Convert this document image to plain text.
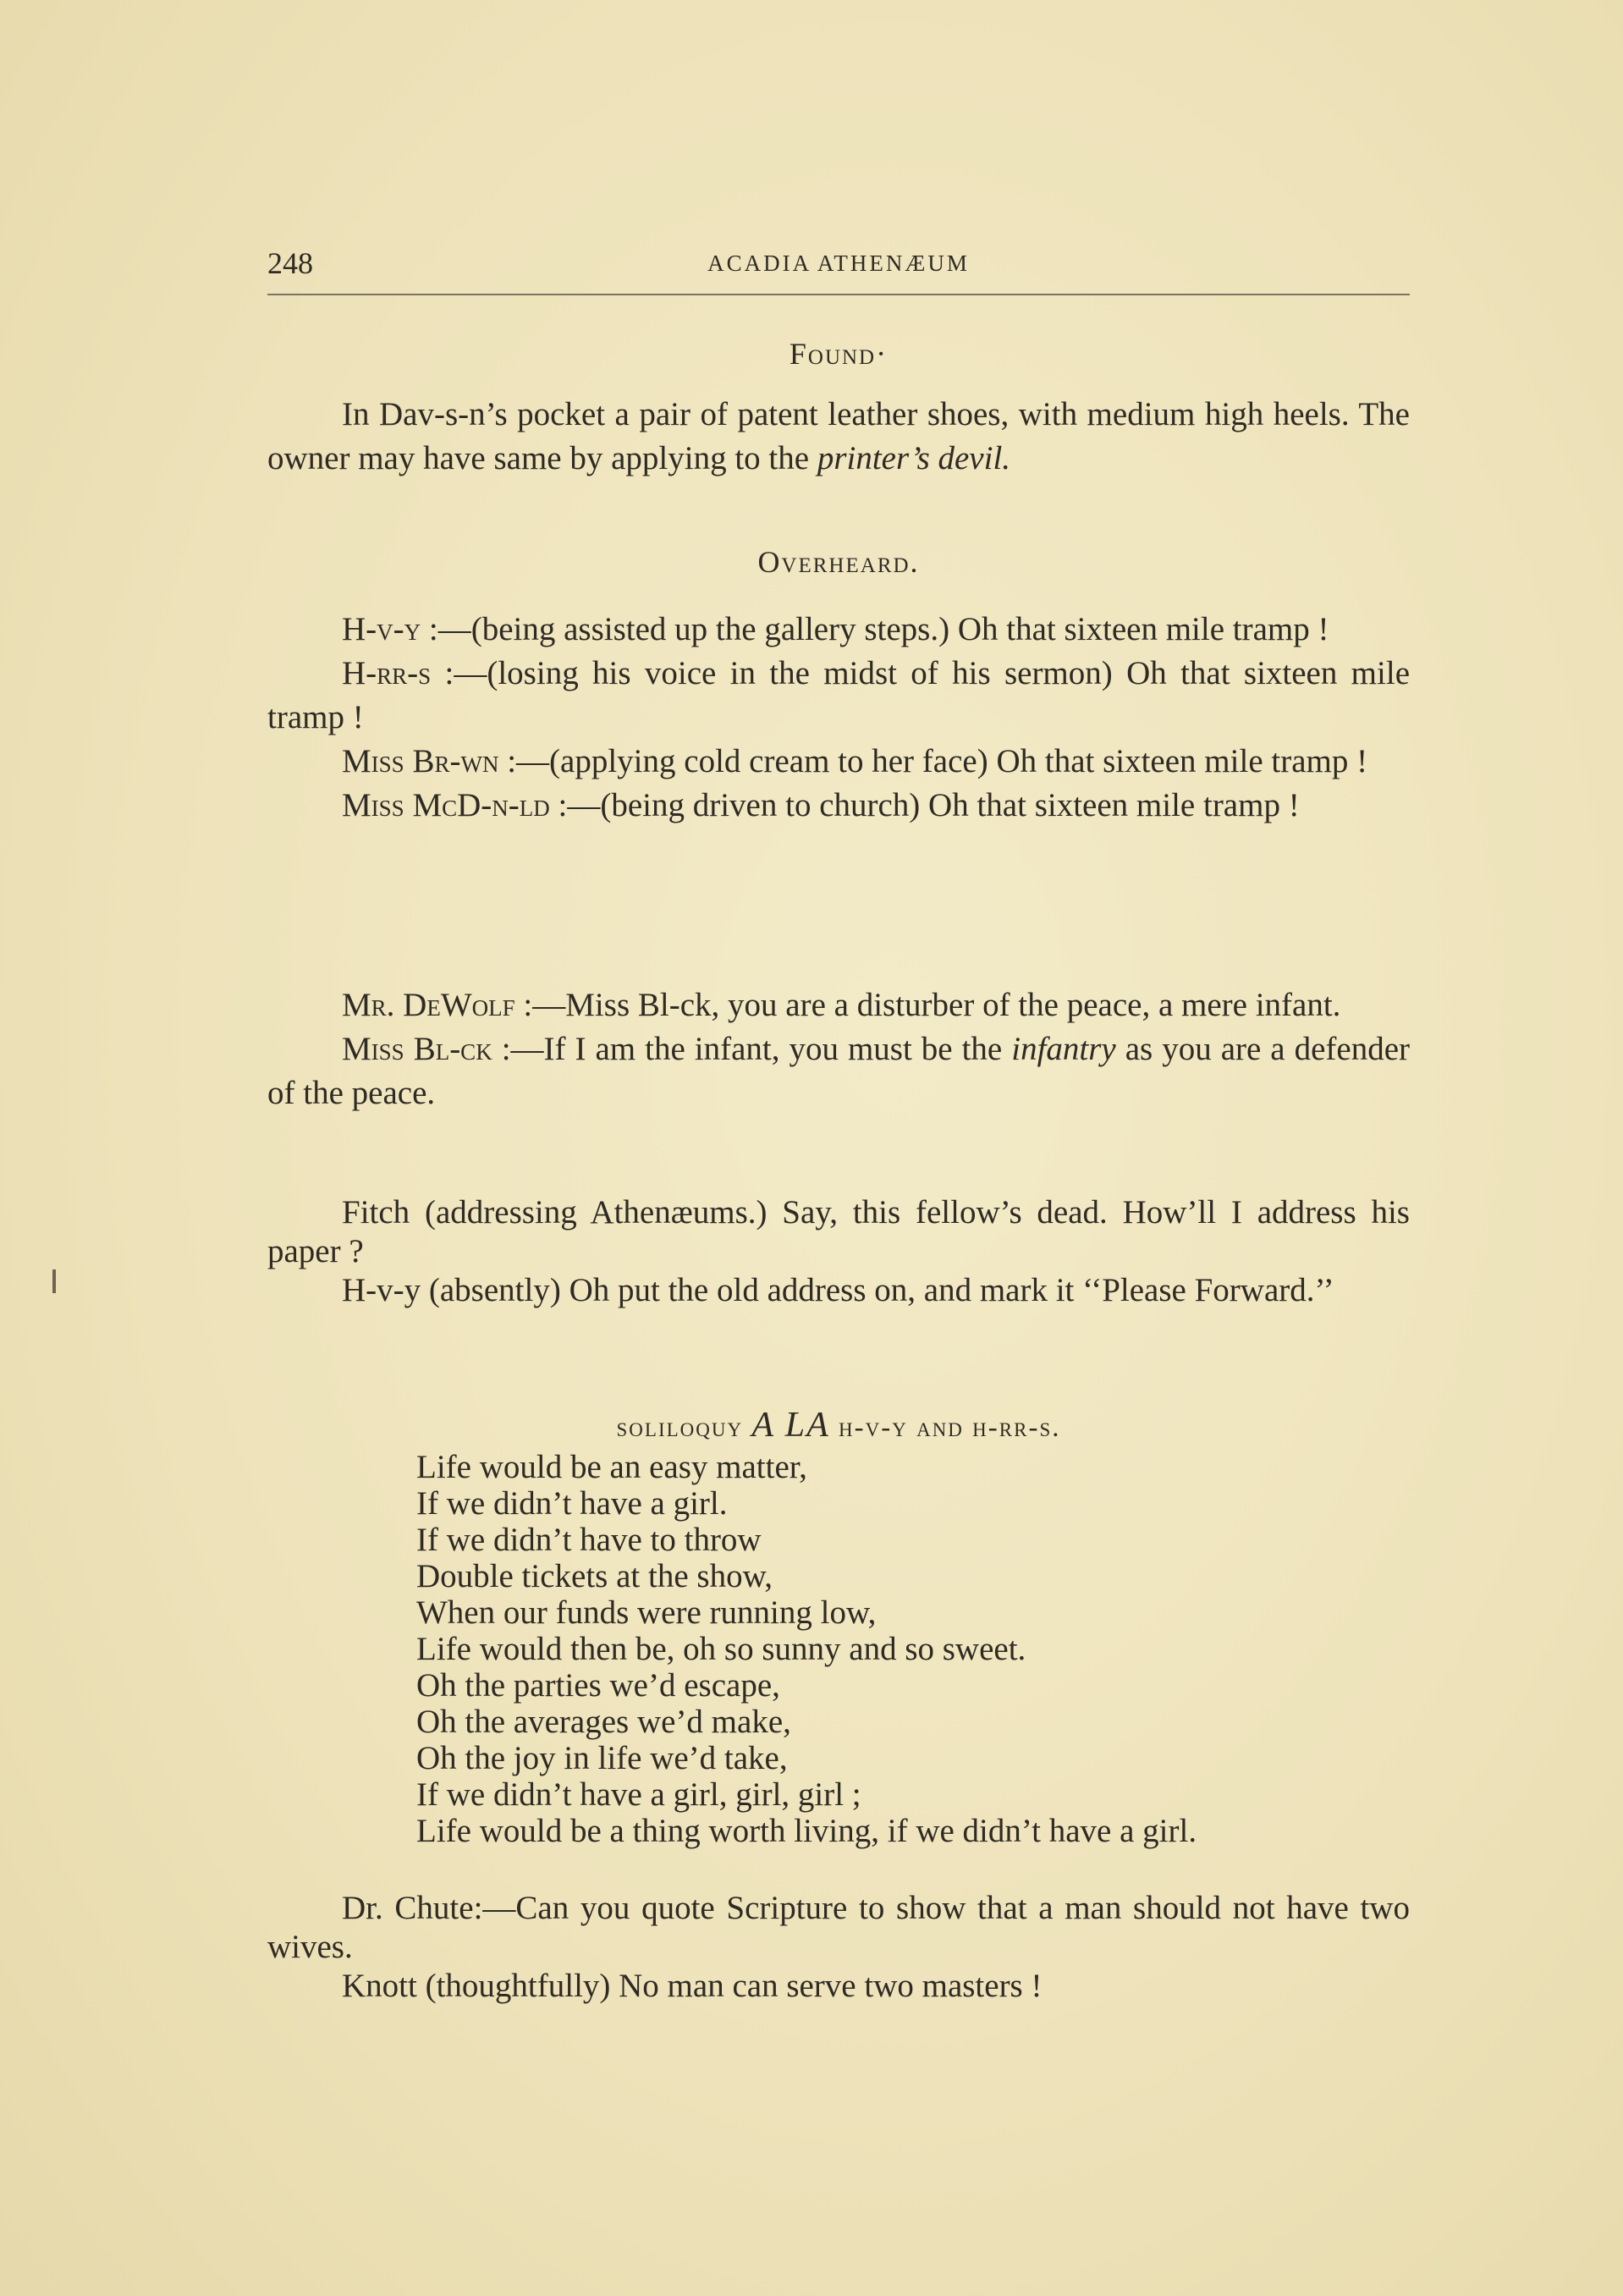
248	ACADIA ATHENÆUM
Found·

In Dav-s-n’s pocket a pair of patent leather shoes, with medium high heels. The owner may have same by applying to the printer’s devil.

Overheard.

H-v-y :—(being assisted up the gallery steps.) Oh that sixteen mile tramp !

H-rr-s :—(losing his voice in the midst of his sermon) Oh that sixteen mile tramp !

Miss Br-wn :—(applying cold cream to her face) Oh that sixteen mile tramp !

Miss McD-n-ld :—(being driven to church) Oh that sixteen mile tramp !

Mr. DeWolf :—Miss Bl-ck, you are a disturber of the peace, a mere infant.

Miss Bl-ck :—If I am the infant, you must be the infantry as you are a defender of the peace.

Fitch (addressing Athenæums.) Say, this fellow’s dead. How’ll I address his paper ?

H-v-y (absently) Oh put the old address on, and mark it ‘‘Please Forward.’’

soliloquy A LA h-v-y and h-rr-s.
Life would be an easy matter,
If we didn’t have a girl.
If we didn’t have to throw
Double tickets at the show,
When our funds were running low,
Life would then be, oh so sunny and so sweet.
Oh the parties we’d escape,
Oh the averages we’d make,
Oh the joy in life we’d take,
If we didn’t have a girl, girl, girl ;
Life would be a thing worth living, if we didn’t have a girl.

Dr. Chute:—Can you quote Scripture to show that a man should not have two wives.

Knott (thoughtfully) No man can serve two masters !
